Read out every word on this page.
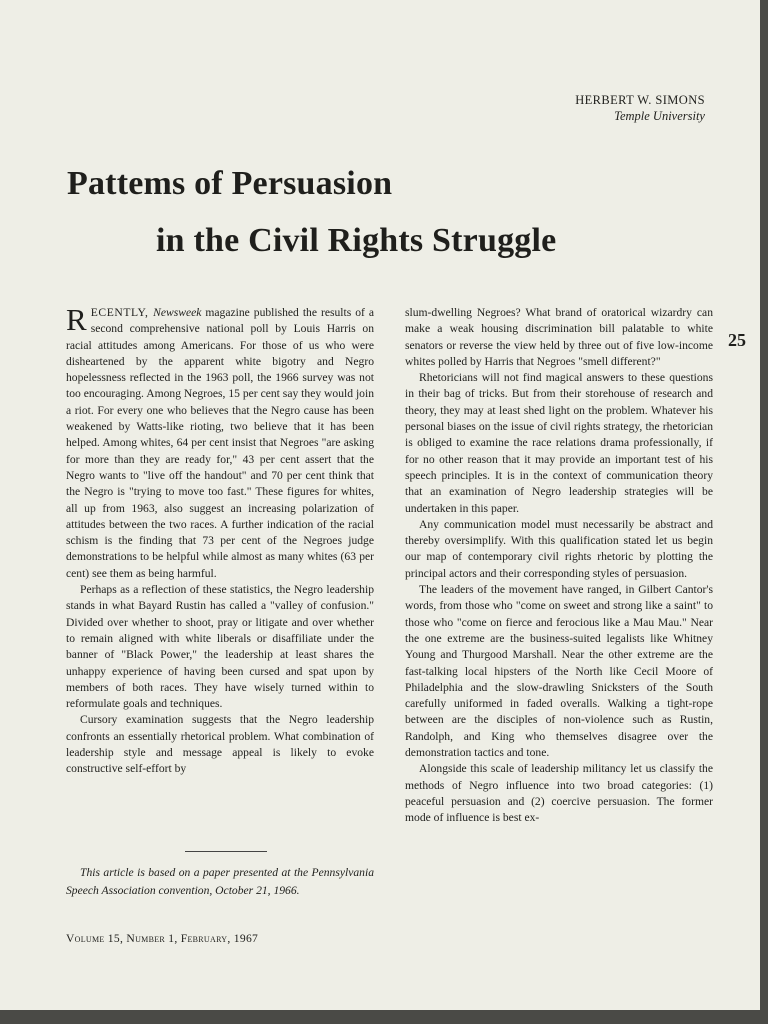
HERBERT W. SIMONS
Temple University
Pattems of Persuasion
in the Civil Rights Struggle

RECENTLY, Newsweek magazine published the results of a second comprehensive national poll by Louis Harris on racial attitudes among Americans. For those of us who were disheartened by the apparent white bigotry and Negro hopelessness reflected in the 1963 poll, the 1966 survey was not too encouraging. Among Negroes, 15 per cent say they would join a riot. For every one who believes that the Negro cause has been weakened by Watts-like rioting, two believe that it has been helped. Among whites, 64 per cent insist that Negroes "are asking for more than they are ready for," 43 per cent assert that the Negro wants to "live off the handout" and 70 per cent think that the Negro is "trying to move too fast." These figures for whites, all up from 1963, also suggest an increasing polarization of attitudes between the two races. A further indication of the racial schism is the finding that 73 per cent of the Negroes judge demonstrations to be helpful while almost as many whites (63 per cent) see them as being harmful.

Perhaps as a reflection of these statistics, the Negro leadership stands in what Bayard Rustin has called a "valley of confusion." Divided over whether to shoot, pray or litigate and over whether to remain aligned with white liberals or disaffiliate under the banner of "Black Power," the leadership at least shares the unhappy experience of having been cursed and spat upon by members of both races. They have wisely turned within to reformulate goals and techniques.

Cursory examination suggests that the Negro leadership confronts an essentially rhetorical problem. What combination of leadership style and message appeal is likely to evoke constructive self-effort by

slum-dwelling Negroes? What brand of oratorical wizardry can make a weak housing discrimination bill palatable to white senators or reverse the view held by three out of five low-income whites polled by Harris that Negroes "smell different?"

Rhetoricians will not find magical answers to these questions in their bag of tricks. But from their storehouse of research and theory, they may at least shed light on the problem. Whatever his personal biases on the issue of civil rights strategy, the rhetorician is obliged to examine the race relations drama professionally, if for no other reason that it may provide an important test of his speech principles. It is in the context of communication theory that an examination of Negro leadership strategies will be undertaken in this paper.

Any communication model must necessarily be abstract and thereby oversimplify. With this qualification stated let us begin our map of contemporary civil rights rhetoric by plotting the principal actors and their corresponding styles of persuasion.

The leaders of the movement have ranged, in Gilbert Cantor's words, from those who "come on sweet and strong like a saint" to those who "come on fierce and ferocious like a Mau Mau." Near the one extreme are the business-suited legalists like Whitney Young and Thurgood Marshall. Near the other extreme are the fast-talking local hipsters of the North like Cecil Moore of Philadelphia and the slow-drawling Snicksters of the South carefully uniformed in faded overalls. Walking a tight-rope between are the disciples of non-violence such as Rustin, Randolph, and King who themselves disagree over the demonstration tactics and tone.

Alongside this scale of leadership militancy let us classify the methods of Negro influence into two broad categories: (1) peaceful persuasion and (2) coercive persuasion. The former mode of influence is best ex-

25

This article is based on a paper presented at the Pennsylvania Speech Association convention, October 21, 1966.

Volume 15, Number 1, February, 1967
